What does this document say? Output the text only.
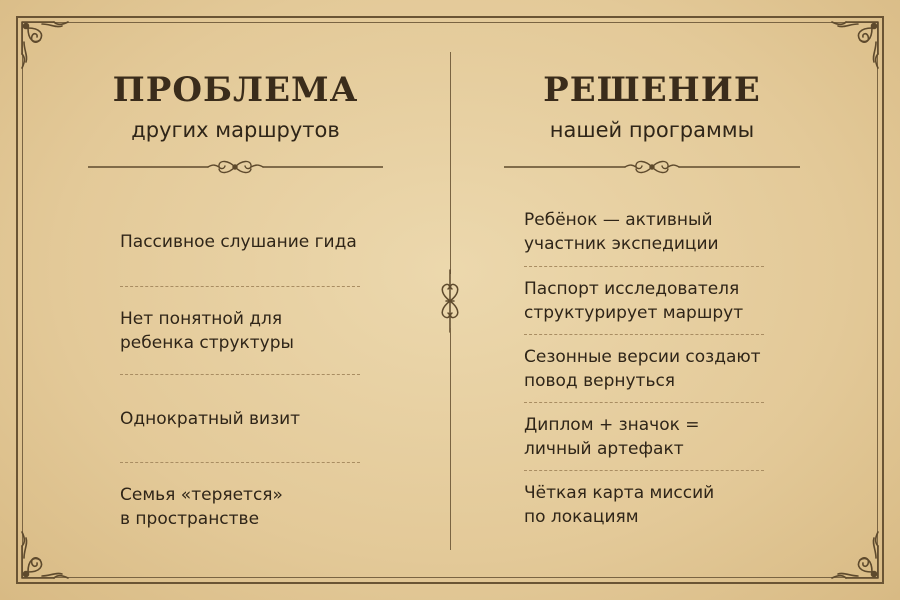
ПРОБЛЕМА
других маршрутов
Пассивное слушание гида
Нет понятной для
ребенка структуры
Однократный визит
Семья «теряется»
в пространстве
РЕШЕНИЕ
нашей программы
Ребёнок — активный
участник экспедиции
Паспорт исследователя
структурирует маршрут
Сезонные версии создают
повод вернуться
Диплом + значок =
личный артефакт
Чёткая карта миссий
по локациям
